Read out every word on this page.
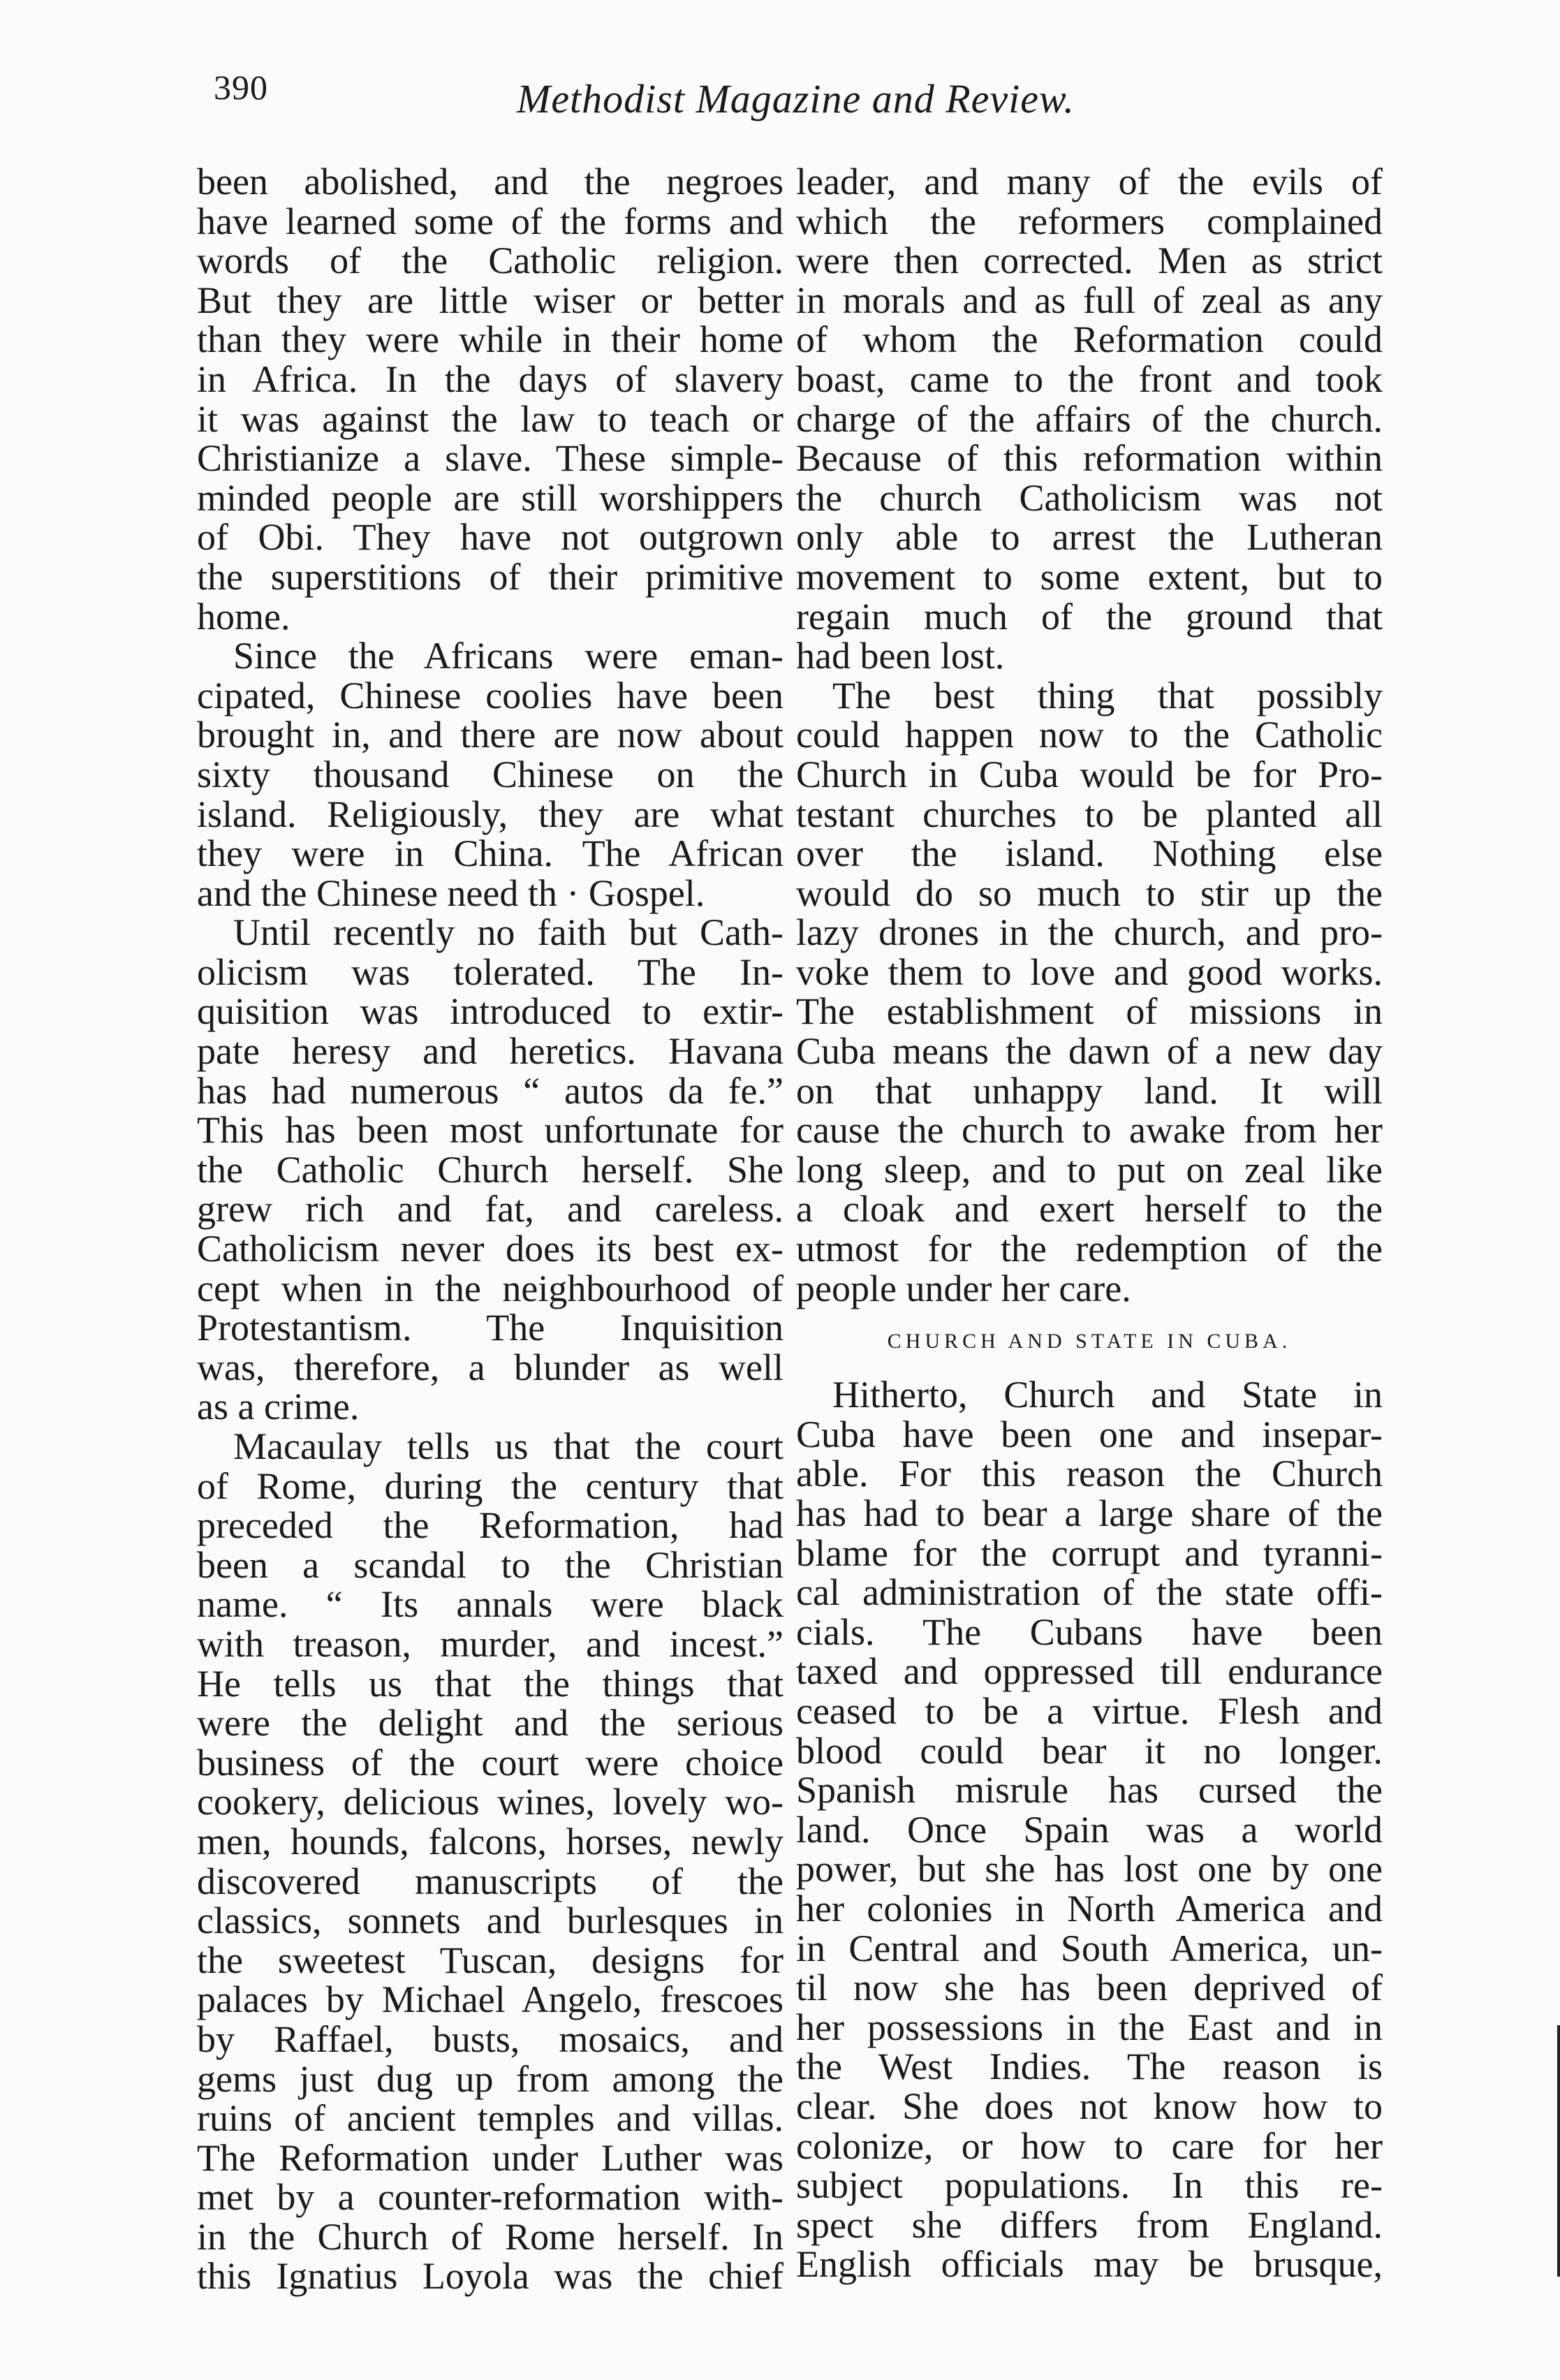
390	Methodist Magazine and Review.
been abolished, and the negroes
have learned some of the forms and
words of the Catholic religion.
But they are little wiser or better
than they were while in their home
in Africa. In the days of slavery
it was against the law to teach or
Christianize a slave. These simple-
minded people are still worshippers
of Obi. They have not outgrown
the superstitions of their primitive
home.
Since the Africans were eman-
cipated, Chinese coolies have been
brought in, and there are now about
sixty thousand Chinese on the
island. Religiously, they are what
they were in China. The African
and the Chinese need th · Gospel.
Until recently no faith but Cath-
olicism was tolerated. The In-
quisition was introduced to extir-
pate heresy and heretics. Havana
has had numerous “ autos da fe.”
This has been most unfortunate for
the Catholic Church herself. She
grew rich and fat, and careless.
Catholicism never does its best ex-
cept when in the neighbourhood of
Protestantism. The Inquisition
was, therefore, a blunder as well
as a crime.
Macaulay tells us that the court
of Rome, during the century that
preceded the Reformation, had
been a scandal to the Christian
name. “ Its annals were black
with treason, murder, and incest.”
He tells us that the things that
were the delight and the serious
business of the court were choice
cookery, delicious wines, lovely wo-
men, hounds, falcons, horses, newly
discovered manuscripts of the
classics, sonnets and burlesques in
the sweetest Tuscan, designs for
palaces by Michael Angelo, frescoes
by Raffael, busts, mosaics, and
gems just dug up from among the
ruins of ancient temples and villas.
The Reformation under Luther was
met by a counter-reformation with-
in the Church of Rome herself. In
this Ignatius Loyola was the chief
leader, and many of the evils of
which the reformers complained
were then corrected. Men as strict
in morals and as full of zeal as any
of whom the Reformation could
boast, came to the front and took
charge of the affairs of the church.
Because of this reformation within
the church Catholicism was not
only able to arrest the Lutheran
movement to some extent, but to
regain much of the ground that
had been lost.
The best thing that possibly
could happen now to the Catholic
Church in Cuba would be for Pro-
testant churches to be planted all
over the island. Nothing else
would do so much to stir up the
lazy drones in the church, and pro-
voke them to love and good works.
The establishment of missions in
Cuba means the dawn of a new day
on that unhappy land. It will
cause the church to awake from her
long sleep, and to put on zeal like
a cloak and exert herself to the
utmost for the redemption of the
people under her care.
CHURCH AND STATE IN CUBA.
Hitherto, Church and State in
Cuba have been one and insepar-
able. For this reason the Church
has had to bear a large share of the
blame for the corrupt and tyranni-
cal administration of the state offi-
cials. The Cubans have been
taxed and oppressed till endurance
ceased to be a virtue. Flesh and
blood could bear it no longer.
Spanish misrule has cursed the
land. Once Spain was a world
power, but she has lost one by one
her colonies in North America and
in Central and South America, un-
til now she has been deprived of
her possessions in the East and in
the West Indies. The reason is
clear. She does not know how to
colonize, or how to care for her
subject populations. In this re-
spect she differs from England.
English officials may be brusque,
